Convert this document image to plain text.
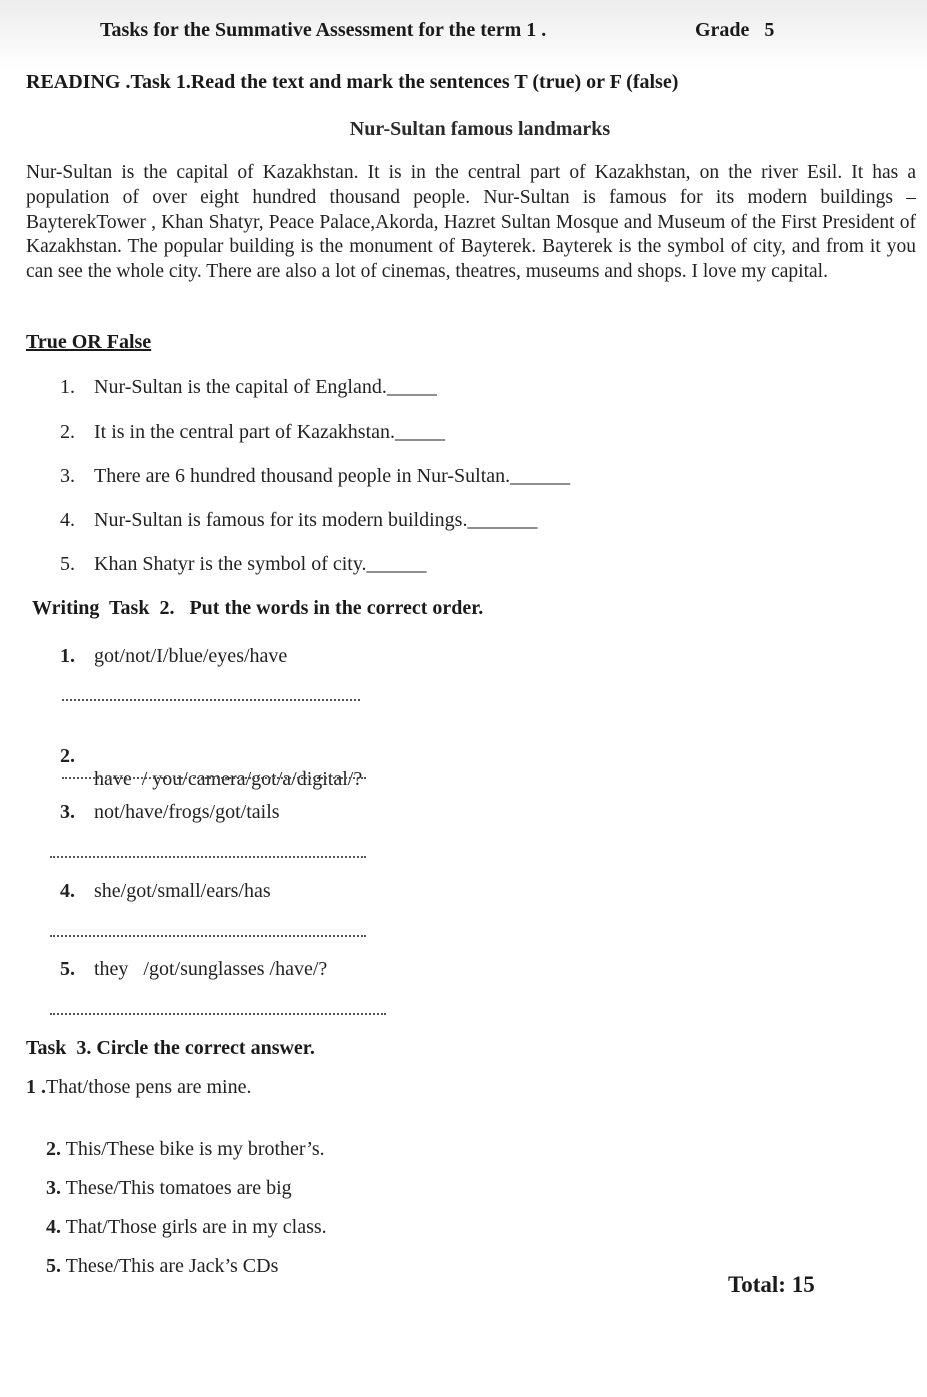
Tasks for the Summative Assessment for the term 1 .	Grade   5
READING .Task 1.Read the text and mark the sentences T (true) or F (false)
Nur-Sultan famous landmarks
Nur-Sultan is the capital of Kazakhstan. It is in the central part of Kazakhstan, on the river Esil. It has a population of over eight hundred thousand people. Nur-Sultan is famous for its modern buildings – BayterekTower , Khan Shatyr, Peace Palace,Akorda, Hazret Sultan Mosque and Museum of the First President of Kazakhstan. The popular building is the monument of Bayterek. Bayterek is the symbol of city, and from it you can see the whole city. There are also a lot of cinemas, theatres, museums and shops. I love my capital.
True OR False
1. Nur-Sultan is the capital of England._____
2. It is in the central part of Kazakhstan._____
3. There are 6 hundred thousand people in Nur-Sultan.______
4. Nur-Sultan is famous for its modern buildings._______
5. Khan Shatyr is the symbol of city.______
Writing  Task  2.   Put the words in the correct order.
1. got/not/I/blue/eyes/have

2.

have  / you/camera/got/a/digital/?

3. not/have/frogs/got/tails
4. she/got/small/ears/has
5. they   /got/sunglasses /have/?
Task  3. Circle the correct answer.
1 .That/those pens are mine.

2. This/These bike is my brother’s.

3. These/This tomatoes are big

4. That/Those girls are in my class.

5. These/This are Jack’s CDs

Total: 15
